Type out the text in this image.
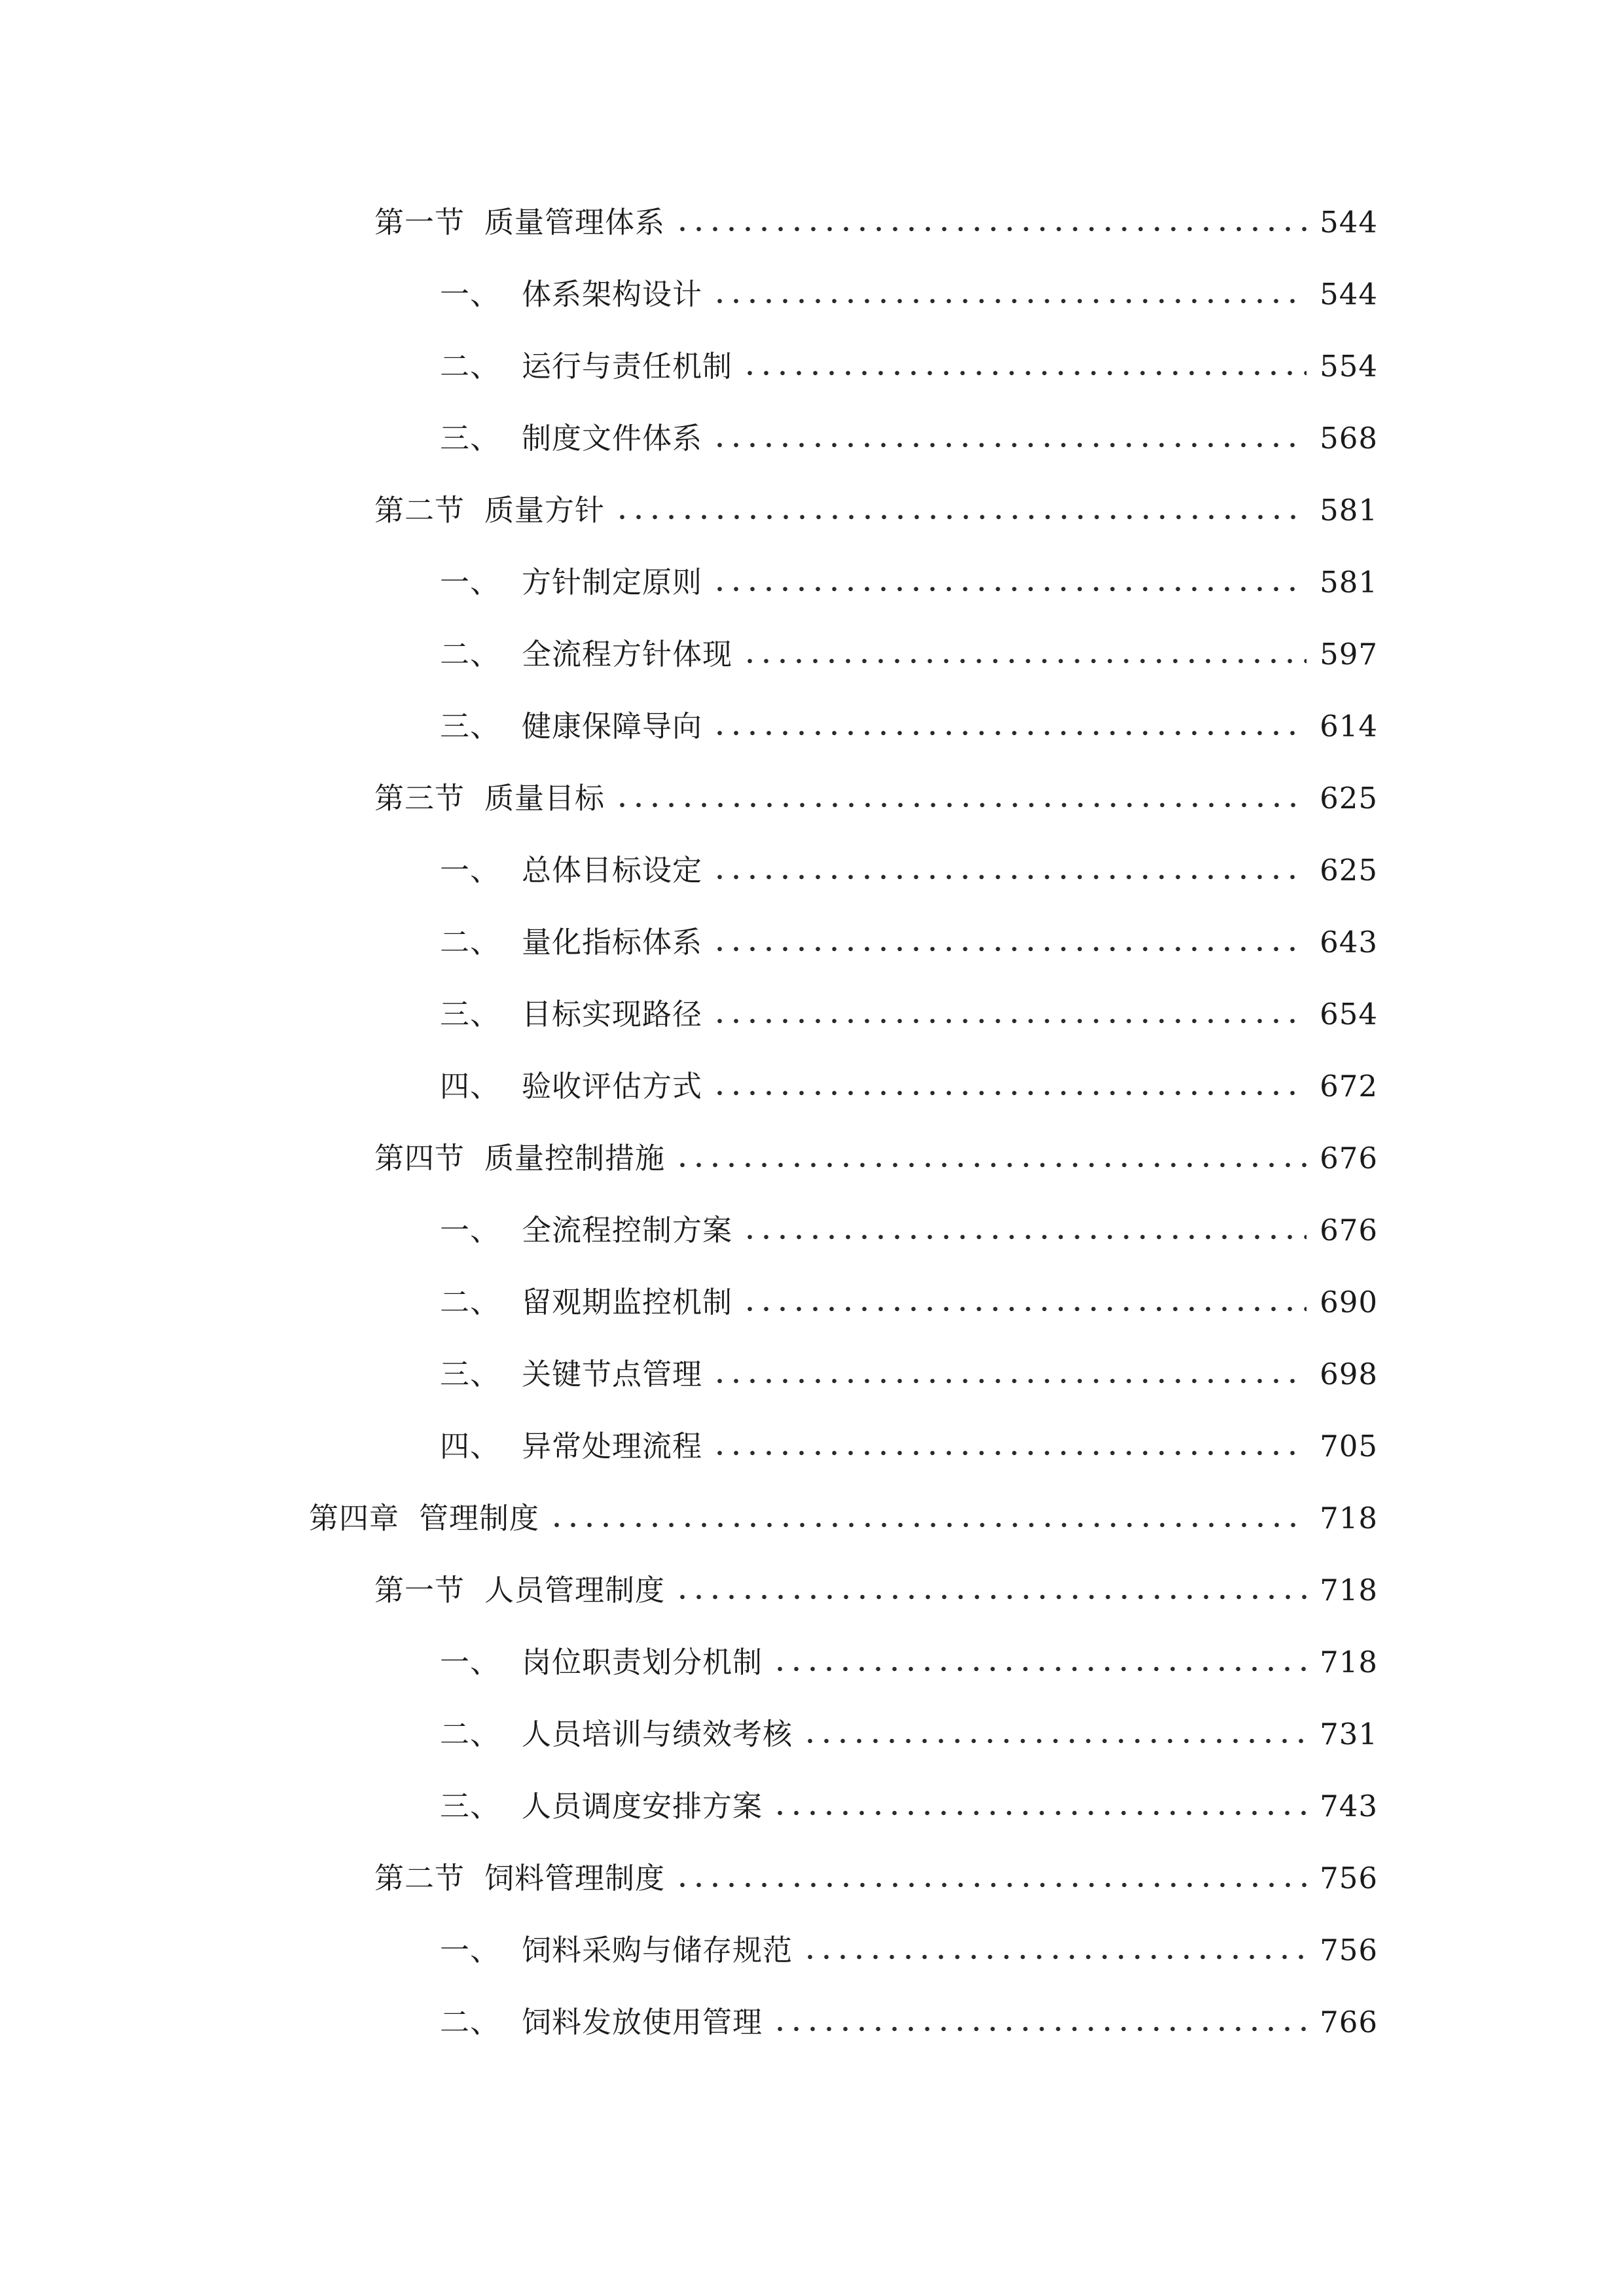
第一节 质量管理体系	544
一、 体系架构设计	544
二、 运行与责任机制	554
三、 制度文件体系	568
第二节 质量方针	581
一、 方针制定原则	581
二、 全流程方针体现	597
三、 健康保障导向	614
第三节 质量目标	625
一、 总体目标设定	625
二、 量化指标体系	643
三、 目标实现路径	654
四、 验收评估方式	672
第四节 质量控制措施	676
一、 全流程控制方案	676
二、 留观期监控机制	690
三、 关键节点管理	698
四、 异常处理流程	705
第四章 管理制度	718
第一节 人员管理制度	718
一、 岗位职责划分机制	718
二、 人员培训与绩效考核	731
三、 人员调度安排方案	743
第二节 饲料管理制度	756
一、 饲料采购与储存规范	756
二、 饲料发放使用管理	766
